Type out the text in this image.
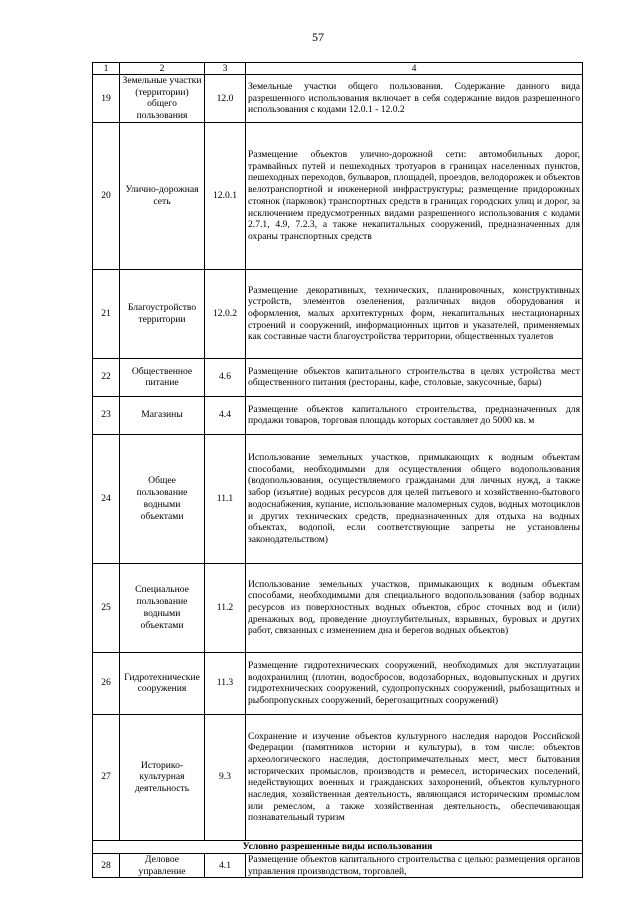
57
1	2	3	4
19	Земельные участки (территории) общего пользования	12.0	Земельные участки общего пользования. Содержание данного вида разрешенного использования включает в себя содержание видов разрешенного использования с кодами 12.0.1 - 12.0.2
20	Улично-дорожная сеть	12.0.1	Размещение объектов улично-дорожной сети: автомобильных дорог, трамвайных путей и пешеходных тротуаров в границах населенных пунктов, пешеходных переходов, бульваров, площадей, проездов, велодорожек и объектов велотранспортной и инженерной инфраструктуры; размещение придорожных стоянок (парковок) транспортных средств в границах городских улиц и дорог, за исключением предусмотренных видами разрешенного использования с кодами 2.7.1, 4.9, 7.2.3, а также некапитальных сооружений, предназначенных для охраны транспортных средств
21	Благоустройство территории	12.0.2	Размещение декоративных, технических, планировочных, конструктивных устройств, элементов озеленения, различных видов оборудования и оформления, малых архитектурных форм, некапитальных нестационарных строений и сооружений, информационных щитов и указателей, применяемых как составные части благоустройства территории, общественных туалетов
22	Общественное питание	4.6	Размещение объектов капитального строительства в целях устройства мест общественного питания (рестораны, кафе, столовые, закусочные, бары)
23	Магазины	4.4	Размещение объектов капитального строительства, предназначенных для продажи товаров, торговая площадь которых составляет до 5000 кв. м
24	Общее пользование водными объектами	11.1	Использование земельных участков, примыкающих к водным объектам способами, необходимыми для осуществления общего водопользования (водопользования, осуществляемого гражданами для личных нужд, а также забор (изъятие) водных ресурсов для целей питьевого и хозяйственно-бытового водоснабжения, купание, использование маломерных судов, водных мотоциклов и других технических средств, предназначенных для отдыха на водных объектах, водопой, если соответствующие запреты не установлены законодательством)
25	Специальное пользование водными объектами	11.2	Использование земельных участков, примыкающих к водным объектам способами, необходимыми для специального водопользования (забор водных ресурсов из поверхностных водных объектов, сброс сточных вод и (или) дренажных вод, проведение дноуглубительных, взрывных, буровых и других работ, связанных с изменением дна и берегов водных объектов)
26	Гидротехнические сооружения	11.3	Размещение гидротехнических сооружений, необходимых для эксплуатации водохранилищ (плотин, водосбросов, водозаборных, водовыпускных и других гидротехнических сооружений, судопропускных сооружений, рыбозащитных и рыбопропускных сооружений, берегозащитных сооружений)
27	Историко-культурная деятельность	9.3	Сохранение и изучение объектов культурного наследия народов Российской Федерации (памятников истории и культуры), в том числе: объектов археологического наследия, достопримечательных мест, мест бытования исторических промыслов, производств и ремесел, исторических поселений, недействующих военных и гражданских захоронений, объектов культурного наследия, хозяйственная деятельность, являющаяся историческим промыслом или ремеслом, а также хозяйственная деятельность, обеспечивающая познавательный туризм
Условно разрешенные виды использования			
28	Деловое управление	4.1	Размещение объектов капитального строительства с целью: размещения органов управления производством, торговлей,
